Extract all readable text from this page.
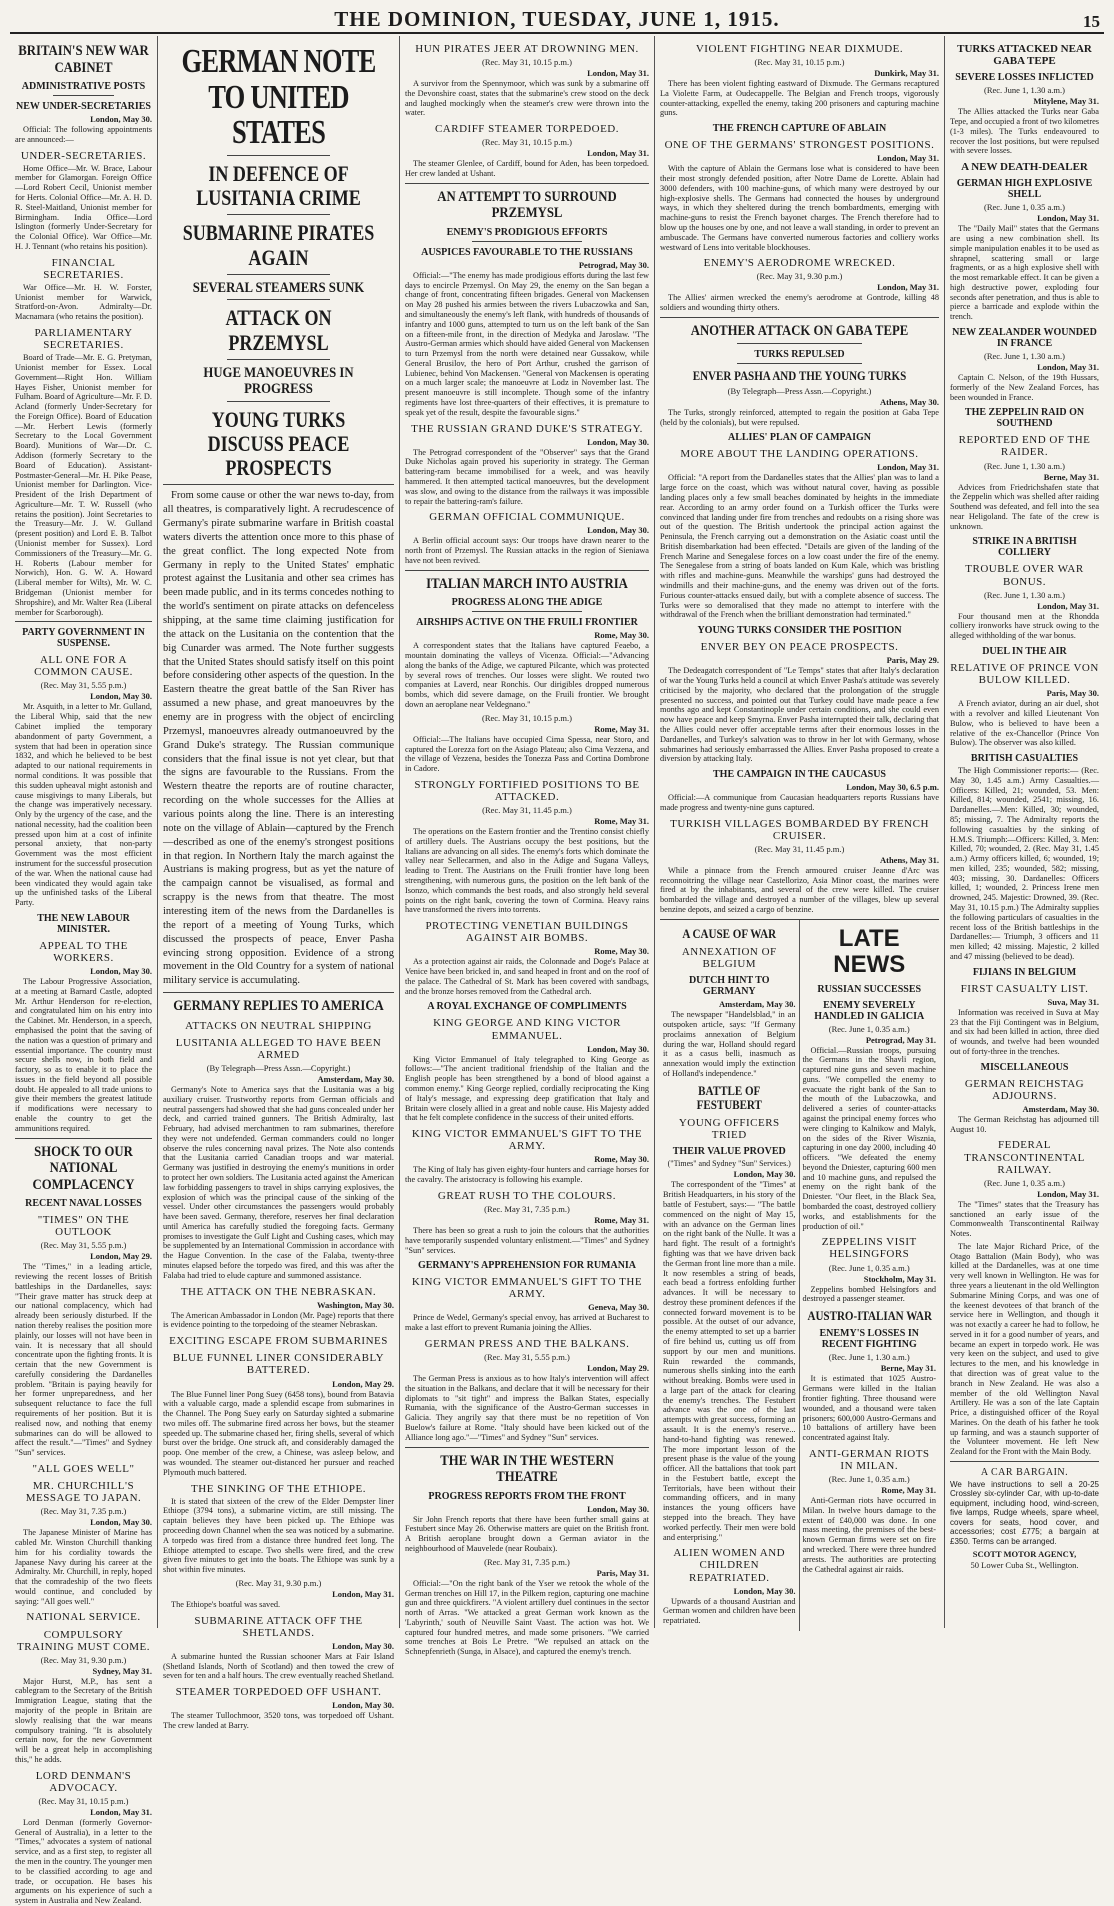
THE DOMINION, TUESDAY, JUNE 1, 1915.	15
BRITAIN'S NEW WAR CABINET
ADMINISTRATIVE POSTS
NEW UNDER-SECRETARIES
London, May 30.

Official: The following appointments are announced:—

UNDER-SECRETARIES.

Home Office—Mr. W. Brace, Labour member for Glamorgan. Foreign Office—Lord Robert Cecil, Unionist member for Herts. Colonial Office—Mr. A. H. D. R. Steel-Maitland, Unionist member for Birmingham. India Office—Lord Islington (formerly Under-Secretary for the Colonial Office). War Office—Mr. H. J. Tennant (who retains his position).

FINANCIAL SECRETARIES.

War Office—Mr. H. W. Forster, Unionist member for Warwick, Stratford-on-Avon. Admiralty—Dr. Macnamara (who retains the position).

PARLIAMENTARY SECRETARIES.

Board of Trade—Mr. E. G. Pretyman, Unionist member for Essex. Local Government—Right Hon. William Hayes Fisher, Unionist member for Fulham. Board of Agriculture—Mr. F. D. Acland (formerly Under-Secretary for the Foreign Office). Board of Education—Mr. Herbert Lewis (formerly Secretary to the Local Government Board). Munitions of War—Dr. C. Addison (formerly Secretary to the Board of Education). Assistant-Postmaster-General—Mr. H. Pike Pease, Unionist member for Darlington. Vice-President of the Irish Department of Agriculture—Mr. T. W. Russell (who retains the position). Joint Secretaries to the Treasury—Mr. J. W. Gulland (present position) and Lord E. B. Talbot (Unionist member for Sussex). Lord Commissioners of the Treasury—Mr. G. H. Roberts (Labour member for Norwich), Hon. G. W. A. Howard (Liberal member for Wilts), Mr. W. C. Bridgeman (Unionist member for Shropshire), and Mr. Walter Rea (Liberal member for Scarborough).

PARTY GOVERNMENT IN SUSPENSE.
ALL ONE FOR A COMMON CAUSE.
(Rec. May 31, 5.55 p.m.)
London, May 30.

Mr. Asquith, in a letter to Mr. Gulland, the Liberal Whip, said that the new Cabinet implied the temporary abandonment of party Government, a system that had been in operation since 1832, and which he believed to be best adapted to our national requirements in normal conditions. It was possible that this sudden upheaval might astonish and cause misgivings to many Liberals, but the change was imperatively necessary. Only by the urgency of the case, and the national necessity, had the coalition been pressed upon him at a cost of infinite personal anxiety, that non-party Government was the most efficient instrument for the successful prosecution of the war. When the national cause had been vindicated they would again take up the unfinished tasks of the Liberal Party.

THE NEW LABOUR MINISTER.
APPEAL TO THE WORKERS.
London, May 30.

The Labour Progressive Association, at a meeting at Barnard Castle, adopted Mr. Arthur Henderson for re-election, and congratulated him on his entry into the Cabinet. Mr. Henderson, in a speech, emphasised the point that the saving of the nation was a question of primary and essential importance. The country must secure shells now, in both field and factory, so as to enable it to place the issues in the field beyond all possible doubt. He appealed to all trade unions to give their members the greatest latitude if modifications were necessary to enable the country to get the ammunitions required.

SHOCK TO OUR NATIONAL COMPLACENCY
RECENT NAVAL LOSSES
"TIMES" ON THE OUTLOOK
(Rec. May 31, 5.55 p.m.)
London, May 29.

The "Times," in a leading article, reviewing the recent losses of British battleships in the Dardanelles, says: "Their grave matter has struck deep at our national complacency, which had already been seriously disturbed. If the nation thereby realises the position more plainly, our losses will not have been in vain. It is necessary that all should concentrate upon the fighting fronts. It is certain that the new Government is carefully considering the Dardanelles problem. "Britain is paying heavily for her former unpreparedness, and her subsequent reluctance to face the full requirements of her position. But it is realised now, and nothing that enemy submarines can do will be allowed to affect the result."—"Times" and Sydney "Sun" services.

"ALL GOES WELL"
MR. CHURCHILL'S MESSAGE TO JAPAN.
(Rec. May 31, 7.35 p.m.)
London, May 30.

The Japanese Minister of Marine has cabled Mr. Winston Churchill thanking him for his cordiality towards the Japanese Navy during his career at the Admiralty. Mr. Churchill, in reply, hoped that the comradeship of the two fleets would continue, and concluded by saying: "All goes well."

NATIONAL SERVICE.
COMPULSORY TRAINING MUST COME.
(Rec. May 31, 9.30 p.m.)
Sydney, May 31.

Major Hurst, M.P., has sent a cablegram to the Secretary of the British Immigration League, stating that the majority of the people in Britain are slowly realising that the war means compulsory training. "It is absolutely certain now, for the new Government will be a great help in accomplishing this," he adds.

LORD DENMAN'S ADVOCACY.
(Rec. May 31, 10.15 p.m.)
London, May 31.

Lord Denman (formerly Governor-General of Australia), in a letter to the "Times," advocates a system of national service, and as a first step, to register all the men in the country. The younger men to be classified according to age and trade, or occupation. He bases his arguments on his experience of such a system in Australia and New Zealand.

GERMAN NOTE TO UNITED STATES
IN DEFENCE OF LUSITANIA CRIME
SUBMARINE PIRATES AGAIN
SEVERAL STEAMERS SUNK
ATTACK ON PRZEMYSL
HUGE MANOEUVRES IN PROGRESS
YOUNG TURKS DISCUSS PEACE PROSPECTS

From some cause or other the war news to-day, from all theatres, is comparatively light. A recrudescence of Germany's pirate submarine warfare in British coastal waters diverts the attention once more to this phase of the great conflict. The long expected Note from Germany in reply to the United States' emphatic protest against the Lusitania and other sea crimes has been made public, and in its terms concedes nothing to the world's sentiment on pirate attacks on defenceless shipping, at the same time claiming justification for the attack on the Lusitania on the contention that the big Cunarder was armed. The Note further suggests that the United States should satisfy itself on this point before considering other aspects of the question. In the Eastern theatre the great battle of the San River has assumed a new phase, and great manoeuvres by the enemy are in progress with the object of encircling Przemysl, manoeuvres already outmanoeuvred by the Grand Duke's strategy. The Russian communique considers that the final issue is not yet clear, but that the signs are favourable to the Russians. From the Western theatre the reports are of routine character, recording on the whole successes for the Allies at various points along the line. There is an interesting note on the village of Ablain—captured by the French—described as one of the enemy's strongest positions in that region. In Northern Italy the march against the Austrians is making progress, but as yet the nature of the campaign cannot be visualised, as formal and scrappy is the news from that theatre. The most interesting item of the news from the Dardanelles is the report of a meeting of Young Turks, which discussed the prospects of peace, Enver Pasha evincing strong opposition. Evidence of a strong movement in the Old Country for a system of national military service is accumulating.

GERMANY REPLIES TO AMERICA
ATTACKS ON NEUTRAL SHIPPING
LUSITANIA ALLEGED TO HAVE BEEN ARMED
(By Telegraph—Press Assn.—Copyright.)
Amsterdam, May 30.

Germany's Note to America says that the Lusitania was a big auxiliary cruiser. Trustworthy reports from German officials and neutral passengers had showed that she had guns concealed under her deck, and carried trained gunners. The British Admiralty, last February, had advised merchantmen to ram submarines, therefore they were not undefended. German commanders could no longer observe the rules concerning naval prizes. The Note also contends that the Lusitania carried Canadian troops and war material. Germany was justified in destroying the enemy's munitions in order to protect her own soldiers. The Lusitania acted against the American law forbidding passengers to travel in ships carrying explosives, the explosion of which was the principal cause of the sinking of the vessel. Under other circumstances the passengers would probably have been saved. Germany, therefore, reserves her final declaration until America has carefully studied the foregoing facts. Germany promises to investigate the Gulf Light and Cushing cases, which may be supplemented by an International Commission in accordance with the Hague Convention. In the case of the Falaba, twenty-three minutes elapsed before the torpedo was fired, and this was after the Falaba had tried to elude capture and summoned assistance.

THE ATTACK ON THE NEBRASKAN.
Washington, May 30.

The American Ambassador in London (Mr. Page) reports that there is evidence pointing to the torpedoing of the steamer Nebraskan.

EXCITING ESCAPE FROM SUBMARINES
BLUE FUNNEL LINER CONSIDERABLY BATTERED.
London, May 29.

The Blue Funnel liner Pong Suey (6458 tons), bound from Batavia with a valuable cargo, made a splendid escape from submarines in the Channel. The Pong Suey early on Saturday sighted a submarine two miles off. The submarine fired across her bows, but the steamer speeded up. The submarine chased her, firing shells, several of which burst over the bridge. One struck aft, and considerably damaged the poop. One member of the crew, a Chinese, was asleep below, and was wounded. The steamer out-distanced her pursuer and reached Plymouth much battered.

THE SINKING OF THE ETHIOPE.

It is stated that sixteen of the crew of the Elder Dempster liner Ethiope (3794 tons), a submarine victim, are still missing. The captain believes they have been picked up. The Ethiope was proceeding down Channel when the sea was noticed by a submarine. A torpedo was fired from a distance three hundred feet long. The Ethiope attempted to escape. Two shells were fired, and the crew given five minutes to get into the boats. The Ethiope was sunk by a shot within five minutes.

(Rec. May 31, 9.30 p.m.)
London, May 31.

The Ethiope's boatful was saved.

SUBMARINE ATTACK OFF THE SHETLANDS.
London, May 30.

A submarine hunted the Russian schooner Mars at Fair Island (Shetland Islands, North of Scotland) and then towed the crew of seven for ten and a half hours. The crew eventually reached Shetland.

STEAMER TORPEDOED OFF USHANT.
London, May 30.

The steamer Tullochmoor, 3520 tons, was torpedoed off Ushant. The crew landed at Barry.

HUN PIRATES JEER AT DROWNING MEN.
(Rec. May 31, 10.15 p.m.)
London, May 31.

A survivor from the Spennymoor, which was sunk by a submarine off the Devonshire coast, states that the submarine's crew stood on the deck and laughed mockingly when the steamer's crew were thrown into the water.

CARDIFF STEAMER TORPEDOED.
(Rec. May 31, 10.15 p.m.)
London, May 31.

The steamer Glenlee, of Cardiff, bound for Aden, has been torpedoed. Her crew landed at Ushant.

AN ATTEMPT TO SURROUND PRZEMYSL
ENEMY'S PRODIGIOUS EFFORTS
AUSPICES FAVOURABLE TO THE RUSSIANS
Petrograd, May 30.

Official:—"The enemy has made prodigious efforts during the last few days to encircle Przemysl. On May 29, the enemy on the San began a change of front, concentrating fifteen brigades. General von Mackensen on May 28 pushed his armies between the rivers Lubaczowka and San, and simultaneously the enemy's left flank, with hundreds of thousands of infantry and 1000 guns, attempted to turn us on the left bank of the San on a fifteen-mile front, in the direction of Medyka and Jaroslaw. "The Austro-German armies which should have aided General von Mackensen to turn Przemysl from the north were detained near Gussakow, while General Brusilov, the hero of Port Arthur, crushed the garrison of Lubienec, behind Von Mackensen. "General von Mackensen is operating on a much larger scale; the manoeuvre at Lodz in November last. The present manoeuvre is still incomplete. Though some of the infantry regiments have lost three-quarters of their effectives, it is premature to speak yet of the result, despite the favourable signs."

THE RUSSIAN GRAND DUKE'S STRATEGY.
London, May 30.

The Petrograd correspondent of the "Observer" says that the Grand Duke Nicholas again proved his superiority in strategy. The German battering-ram became immobilised for a week, and was heavily hammered. It then attempted tactical manoeuvres, but the development was slow, and owing to the distance from the railways it was impossible to repair the battering-ram's failure.

GERMAN OFFICIAL COMMUNIQUE.
London, May 30.

A Berlin official account says: Our troops have drawn nearer to the north front of Przemysl. The Russian attacks in the region of Sieniawa have not been revived.

ITALIAN MARCH INTO AUSTRIA
PROGRESS ALONG THE ADIGE
AIRSHIPS ACTIVE ON THE FRUILI FRONTIER
Rome, May 30.

A correspondent states that the Italians have captured Feaebo, a mountain dominating the valleys of Vicenza. Official:—"Advancing along the banks of the Adige, we captured Pilcante, which was protected by several rows of trenches. Our losses were slight. We routed two companies at Laverd, near Ronchis. Our dirigibles dropped numerous bombs, which did severe damage, on the Fruili frontier. We brought down an aeroplane near Veldegnano."

(Rec. May 31, 10.15 p.m.)
Rome, May 31.

Official:—The Italians have occupied Cima Spessa, near Storo, and captured the Lorezza fort on the Asiago Plateau; also Cima Vezzena, and the village of Vezzena, besides the Tonezza Pass and Cortina Dombrone in Cadore.

STRONGLY FORTIFIED POSITIONS TO BE ATTACKED.
(Rec. May 31, 11.45 p.m.)
Rome, May 31.

The operations on the Eastern frontier and the Trentino consist chiefly of artillery duels. The Austrians occupy the best positions, but the Italians are advancing on all sides. The enemy's forts which dominate the valley near Sellecarmen, and also in the Adige and Sugana Valleys, leading to Trent. The Austrians on the Fruili frontier have long been strengthening, with numerous guns, the position on the left bank of the Isonzo, which commands the best roads, and also strongly held several points on the right bank, covering the town of Cormina. Heavy rains have transformed the rivers into torrents.

PROTECTING VENETIAN BUILDINGS AGAINST AIR BOMBS.
Rome, May 30.

As a protection against air raids, the Colonnade and Doge's Palace at Venice have been bricked in, and sand heaped in front and on the roof of the palace. The Cathedral of St. Mark has been covered with sandbags, and the bronze horses removed from the Cathedral arch.

A ROYAL EXCHANGE OF COMPLIMENTS
KING GEORGE AND KING VICTOR EMMANUEL.
London, May 30.

King Victor Emmanuel of Italy telegraphed to King George as follows:—"The ancient traditional friendship of the Italian and the English people has been strengthened by a bond of blood against a common enemy." King George replied, cordially reciprocating the King of Italy's message, and expressing deep gratification that Italy and Britain were closely allied in a great and noble cause. His Majesty added that he felt complete confidence in the success of their united efforts.

KING VICTOR EMMANUEL'S GIFT TO THE ARMY.
Rome, May 30.

The King of Italy has given eighty-four hunters and carriage horses for the cavalry. The aristocracy is following his example.

GREAT RUSH TO THE COLOURS.
(Rec. May 31, 7.35 p.m.)
Rome, May 31.

There has been so great a rush to join the colours that the authorities have temporarily suspended voluntary enlistment.—"Times" and Sydney "Sun" services.

GERMANY'S APPREHENSION FOR RUMANIA
KING VICTOR EMMANUEL'S GIFT TO THE ARMY.
Geneva, May 30.

Prince de Wedel, Germany's special envoy, has arrived at Bucharest to make a last effort to prevent Rumania joining the Allies.

GERMAN PRESS AND THE BALKANS.
(Rec. May 31, 5.55 p.m.)
London, May 29.

The German Press is anxious as to how Italy's intervention will affect the situation in the Balkans, and declare that it will be necessary for their diplomats to "sit tight" and impress the Balkan States, especially Rumania, with the significance of the Austro-German successes in Galicia. They angrily say that there must be no repetition of Von Buelow's failure at Rome. "Italy should have been kicked out of the Alliance long ago."—"Times" and Sydney "Sun" services.

THE WAR IN THE WESTERN THEATRE
PROGRESS REPORTS FROM THE FRONT
London, May 30.

Sir John French reports that there have been further small gains at Festubert since May 26. Otherwise matters are quiet on the British front. A British aeroplane brought down a German aviator in the neighbourhood of Mauvelede (near Roubaix).

(Rec. May 31, 7.35 p.m.)
Paris, May 31.

Official:—"On the right bank of the Yser we retook the whole of the German trenches on Hill 17, in the Pilkem region, capturing one machine gun and three quickfirers. "A violent artillery duel continues in the sector north of Arras. "We attacked a great German work known as the 'Labyrinth,' south of Neuville Saint Vaast. The action was hot. We captured four hundred metres, and made some prisoners. "We carried some trenches at Bois Le Pretre. "We repulsed an attack on the Schnepfenrieth (Sunga, in Alsace), and captured the enemy's trench.

VIOLENT FIGHTING NEAR DIXMUDE.
(Rec. May 31, 10.15 p.m.)
Dunkirk, May 31.

There has been violent fighting eastward of Dixmude. The Germans recaptured La Violette Farm, at Oudecappelle. The Belgian and French troops, vigorously counter-attacking, expelled the enemy, taking 200 prisoners and capturing machine guns.

THE FRENCH CAPTURE OF ABLAIN
ONE OF THE GERMANS' STRONGEST POSITIONS.
London, May 31.

With the capture of Ablain the Germans lose what is considered to have been their most strongly defended position, after Notre Dame de Lorette. Ablain had 3000 defenders, with 100 machine-guns, of which many were destroyed by our high-explosive shells. The Germans had connected the houses by underground ways, in which they sheltered during the trench bombardments, emerging with machine-guns to resist the French bayonet charges. The French therefore had to blow up the houses one by one, and not leave a wall standing, in order to prevent an ambuscade. The Germans have converted numerous factories and colliery works westward of Lens into veritable blockhouses.

ENEMY'S AERODROME WRECKED.
(Rec. May 31, 9.30 p.m.)
London, May 31.

The Allies' airmen wrecked the enemy's aerodrome at Gontrode, killing 48 soldiers and wounding thirty others.

ANOTHER ATTACK ON GABA TEPE
TURKS REPULSED
ENVER PASHA AND THE YOUNG TURKS
(By Telegraph—Press Assn.—Copyright.)
Athens, May 30.

The Turks, strongly reinforced, attempted to regain the position at Gaba Tepe (held by the colonials), but were repulsed.

ALLIES' PLAN OF CAMPAIGN
MORE ABOUT THE LANDING OPERATIONS.
London, May 31.

Official: "A report from the Dardanelles states that the Allies' plan was to land a large force on the coast, which was without natural cover, having as possible landing places only a few small beaches dominated by heights in the immediate rear. According to an army order found on a Turkish officer the Turks were convinced that landing under fire from trenches and redoubts on a rising shore was out of the question. The British undertook the principal action against the Peninsula, the French carrying out a demonstration on the Asiatic coast until the British disembarkation had been effected. "Details are given of the landing of the French Marine and Senegalese forces on a low coast under the fire of the enemy. The Senegalese from a string of boats landed on Kum Kale, which was bristling with rifles and machine-guns. Meanwhile the warships' guns had destroyed the windmills and their machine-guns, and the enemy was driven out of the forts. Furious counter-attacks ensued daily, but with a complete absence of success. The Turks were so demoralised that they made no attempt to interfere with the withdrawal of the French when the brilliant demonstration had terminated."

YOUNG TURKS CONSIDER THE POSITION
ENVER BEY ON PEACE PROSPECTS.
Paris, May 29.

The Dedeagatch correspondent of "Le Temps" states that after Italy's declaration of war the Young Turks held a council at which Enver Pasha's attitude was severely criticised by the majority, who declared that the prolongation of the struggle presented no success, and pointed out that Turkey could have made peace a few months ago and kept Constantinople under certain conditions, and she could even now have peace and keep Smyrna. Enver Pasha interrupted their talk, declaring that the Allies could never offer acceptable terms after their enormous losses in the Dardanelles, and Turkey's salvation was to throw in her lot with Germany, whose submarines had seriously embarrassed the Allies. Enver Pasha proposed to create a diversion by attacking Italy.

THE CAMPAIGN IN THE CAUCASUS
London, May 30, 6.5 p.m.

Official:—A communique from Caucasian headquarters reports Russians have made progress and twenty-nine guns captured.

TURKISH VILLAGES BOMBARDED BY FRENCH CRUISER.
(Rec. May 31, 11.45 p.m.)
Athens, May 31.

While a pinnace from the French armoured cruiser Jeanne d'Arc was reconnoitring the village near Castellorizo, Asia Minor coast, the marines were fired at by the inhabitants, and several of the crew were killed. The cruiser bombarded the village and destroyed a number of the villages, blew up several benzine depots, and seized a cargo of benzine.

A CAUSE OF WAR
ANNEXATION OF BELGIUM
DUTCH HINT TO GERMANY
Amsterdam, May 30.

The newspaper "Handelsblad," in an outspoken article, says: "If Germany proclaims annexation of Belgium during the war, Holland should regard it as a casus belli, inasmuch as annexation would imply the extinction of Holland's independence."

BATTLE OF FESTUBERT
YOUNG OFFICERS TRIED
THEIR VALUE PROVED
("Times" and Sydney "Sun" Services.)
London, May 30.

The correspondent of the "Times" at British Headquarters, in his story of the battle of Festubert, says:— "The battle commenced on the night of May 15, with an advance on the German lines on the right bank of the Nulle. It was a hard fight. The result of a fortnight's fighting was that we have driven back the German front line more than a mile. It now resembles a string of beads, each bead a fortress enfolding further advances. It will be necessary to destroy these prominent defences if the connected forward movement is to be possible. At the outset of our advance, the enemy attempted to set up a barrier of fire behind us, cutting us off from support by our men and munitions. Ruin rewarded the commands, numerous shells sinking into the earth without breaking. Bombs were used in a large part of the attack for clearing the enemy's trenches. The Festubert advance was the one of the last attempts with great success, forming an assault. It is the enemy's reserve... hand-to-hand fighting was renewed. The more important lesson of the present phase is the value of the young officer. All the battalions that took part in the Festubert battle, except the Territorials, have been without their commanding officers, and in many instances the young officers have stepped into the breach. They have worked perfectly. Their men were bold and enterprising."

ALIEN WOMEN AND CHILDREN REPATRIATED.
London, May 30.

Upwards of a thousand Austrian and German women and children have been repatriated.

LATE NEWS
RUSSIAN SUCCESSES
ENEMY SEVERELY HANDLED IN GALICIA
(Rec. June 1, 0.35 a.m.)
Petrograd, May 31.

Official.—Russian troops, pursuing the Germans in the Shavli region, captured nine guns and seven machine guns. "We compelled the enemy to evacuate the right bank of the San to the mouth of the Lubaczowka, and delivered a series of counter-attacks against the principal enemy forces who were clinging to Kalnikow and Malyk, on the sides of the River Wisznia, capturing in one day 2000, including 40 officers. "We defeated the enemy beyond the Dniester, capturing 600 men and 10 machine guns, and repulsed the enemy on the right bank of the Dniester. "Our fleet, in the Black Sea, bombarded the coast, destroyed colliery works, and establishments for the production of oil."

ZEPPELINS VISIT HELSINGFORS
(Rec. June 1, 0.35 a.m.)
Stockholm, May 31.

Zeppelins bombed Helsingfors and destroyed a passenger steamer.

AUSTRO-ITALIAN WAR
ENEMY'S LOSSES IN RECENT FIGHTING
(Rec. June 1, 1.30 a.m.)
Berne, May 31.

It is estimated that 1025 Austro-Germans were killed in the Italian frontier fighting. Three thousand were wounded, and a thousand were taken prisoners; 600,000 Austro-Germans and 10 battalions of artillery have been concentrated against Italy.

ANTI-GERMAN RIOTS IN MILAN.
(Rec. June 1, 0.35 a.m.)
Rome, May 31.

Anti-German riots have occurred in Milan. In twelve hours damage to the extent of £40,000 was done. In one mass meeting, the premises of the best-known German firms were set on fire and wrecked. There were three hundred arrests. The authorities are protecting the Cathedral against air raids.

TURKS ATTACKED NEAR GABA TEPE
SEVERE LOSSES INFLICTED
(Rec. June 1, 1.30 a.m.)
Mitylene, May 31.

The Allies attacked the Turks near Gaba Tepe, and occupied a front of two kilometres (1-3 miles). The Turks endeavoured to recover the lost positions, but were repulsed with severe losses.

A NEW DEATH-DEALER
GERMAN HIGH EXPLOSIVE SHELL
(Rec. June 1, 0.35 a.m.)
London, May 31.

The "Daily Mail" states that the Germans are using a new combination shell. Its simple manipulation enables it to be used as shrapnel, scattering small or large fragments, or as a high explosive shell with the most remarkable effect. It can be given a high destructive power, exploding four seconds after penetration, and thus is able to pierce a barricade and explode within the trench.

NEW ZEALANDER WOUNDED IN FRANCE
(Rec. June 1, 1.30 a.m.)
London, May 31.

Captain C. Nelson, of the 19th Hussars, formerly of the New Zealand Forces, has been wounded in France.

THE ZEPPELIN RAID ON SOUTHEND
REPORTED END OF THE RAIDER.
(Rec. June 1, 1.30 a.m.)
Berne, May 31.

Advices from Friedrichshafen state that the Zeppelin which was shelled after raiding Southend was defeated, and fell into the sea near Heligoland. The fate of the crew is unknown.

STRIKE IN A BRITISH COLLIERY
TROUBLE OVER WAR BONUS.
(Rec. June 1, 1.30 a.m.)
London, May 31.

Four thousand men at the Rhondda colliery ironworks have struck owing to the alleged withholding of the war bonus.

DUEL IN THE AIR
RELATIVE OF PRINCE VON BULOW KILLED.
Paris, May 30.

A French aviator, during an air duel, shot with a revolver and killed Lieutenant Von Bulow, who is believed to have been a relative of the ex-Chancellor (Prince Von Bulow). The observer was also killed.

BRITISH CASUALTIES

The High Commissioner reports:— (Rec. May 30, 1.45 a.m.) Army Casualties.—Officers: Killed, 21; wounded, 53. Men: Killed, 814; wounded, 2541; missing, 16. Dardanelles.—Men: Killed, 30; wounded, 85; missing, 7. The Admiralty reports the following casualties by the sinking of H.M.S. Triumph:—Officers: Killed, 3. Men: Killed, 70; wounded, 2. (Rec. May 31, 1.45 a.m.) Army officers killed, 6; wounded, 19; men killed, 235; wounded, 582; missing, 403; missing, 30. Dardanelles: Officers killed, 1; wounded, 2. Princess Irene men drowned, 245. Majestic: Drowned, 39. (Rec. May 31, 10.15 p.m.) The Admiralty supplies the following particulars of casualties in the recent loss of the British battleships in the Dardanelles:— Triumph, 3 officers and 11 men killed; 42 missing. Majestic, 2 killed and 47 missing (believed to be dead).

FIJIANS IN BELGIUM
FIRST CASUALTY LIST.
Suva, May 31.

Information was received in Suva at May 23 that the Fiji Contingent was in Belgium, and six had been killed in action, three died of wounds, and twelve had been wounded out of forty-three in the trenches.

MISCELLANEOUS
GERMAN REICHSTAG ADJOURNS.
Amsterdam, May 30.

The German Reichstag has adjourned till August 10.

FEDERAL TRANSCONTINENTAL RAILWAY.
(Rec. June 1, 0.35 a.m.)
London, May 31.

The "Times" states that the Treasury has sanctioned an early issue of the Commonwealth Transcontinental Railway Notes.

The late Major Richard Price, of the Otago Battalion (Main Body), who was killed at the Dardanelles, was at one time very well known in Wellington. He was for three years a lieutenant in the old Wellington Submarine Mining Corps, and was one of the keenest devotees of that branch of the service here in Wellington, and though it was not exactly a career he had to follow, he served in it for a good number of years, and became an expert in torpedo work. He was very keen on the subject, and used to give lectures to the men, and his knowledge in that direction was of great value to the branch in New Zealand. He was also a member of the old Wellington Naval Artillery. He was a son of the late Captain Price, a distinguished officer of the Royal Marines. On the death of his father he took up farming, and was a staunch supporter of the Volunteer movement. He left New Zealand for the Front with the Main Body.

A CAR BARGAIN.

We have instructions to sell a 20-25 Crossley six-cylinder Car, with up-to-date equipment, including hood, wind-screen, five lamps, Rudge wheels, spare wheel, covers for seats, hood cover, and accessories; cost £775; a bargain at £350. Terms can be arranged.

SCOTT MOTOR AGENCY,
50 Lower Cuba St., Wellington.
